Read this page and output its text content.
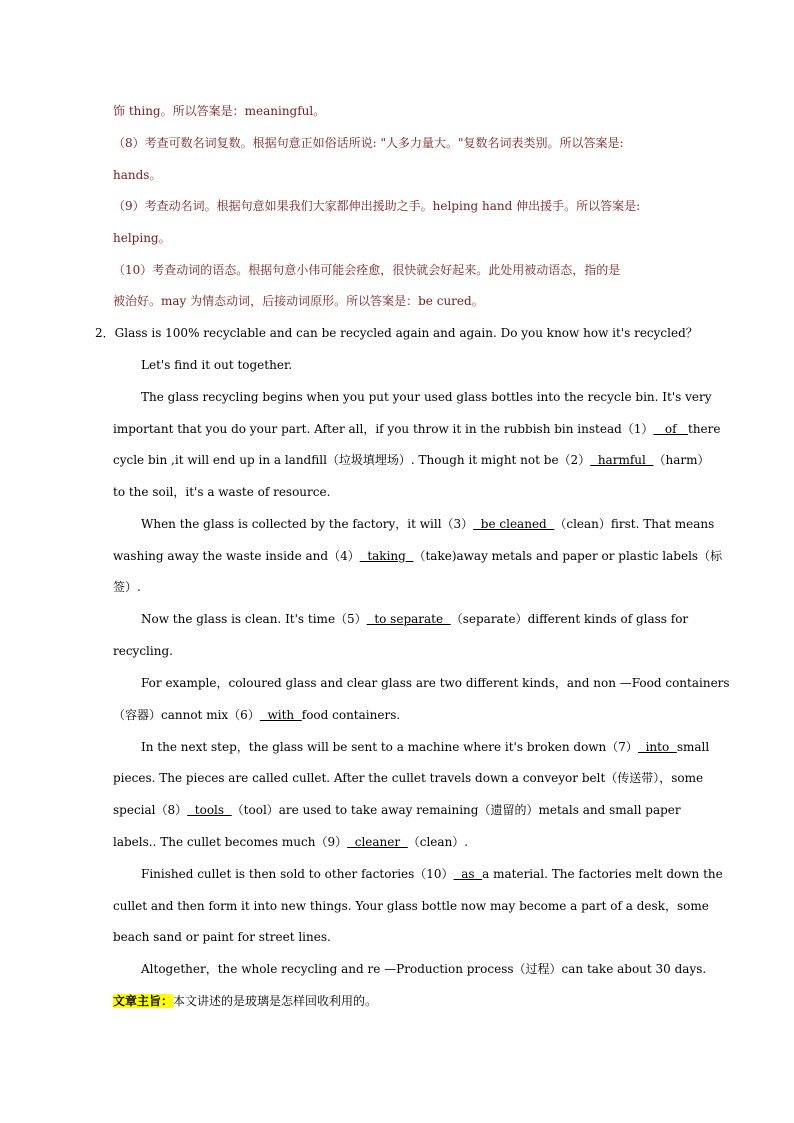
饰 thing。所以答案是：meaningful。
（8）考查可数名词复数。根据句意正如俗话所说: "人多力量大。"复数名词表类别。所以答案是:
hands。
（9）考查动名词。根据句意如果我们大家都伸出援助之手。helping hand 伸出援手。所以答案是:
helping。
（10）考查动词的语态。根据句意小伟可能会痊愈，很快就会好起来。此处用被动语态，指的是
被治好。may 为情态动词，后接动词原形。所以答案是：be cured。
2．Glass is 100% recyclable and can be recycled again and again. Do you know how it's recycled？
Let's find it out together.
The glass recycling begins when you put your used glass bottles into the recycle bin. It's very
important that you do your part. After all，if you throw it in the rubbish bin instead（1）   of   there
cycle bin ,it will end up in a landfill（垃圾填埋场）. Though it might not be（2）  harmful  （harm）
to the soil，it's a waste of resource.
When the glass is collected by the factory，it will（3）  be cleaned  （clean）first. That means
washing away the waste inside and（4）  taking  （take)away metals and paper or plastic labels（标
签）.
Now the glass is clean. It's time（5）  to separate  （separate）different kinds of glass for
recycling.
For example，coloured glass and clear glass are two different kinds，and non —Food containers
（容器）cannot mix（6）  with  food containers.
In the next step，the glass will be sent to a machine where it's broken down（7）  into  small
pieces. The pieces are called cullet. After the cullet travels down a conveyor belt（传送带），some
special（8）  tools  （tool）are used to take away remaining（遗留的）metals and small paper
labels.. The cullet becomes much（9）  cleaner  （clean）.
Finished cullet is then sold to other factories（10）  as  a material. The factories melt down the
cullet and then form it into new things. Your glass bottle now may become a part of a desk，some
beach sand or paint for street lines.
Altogether，the whole recycling and re —Production process（过程）can take about 30 days.
文章主旨：本文讲述的是玻璃是怎样回收利用的。
